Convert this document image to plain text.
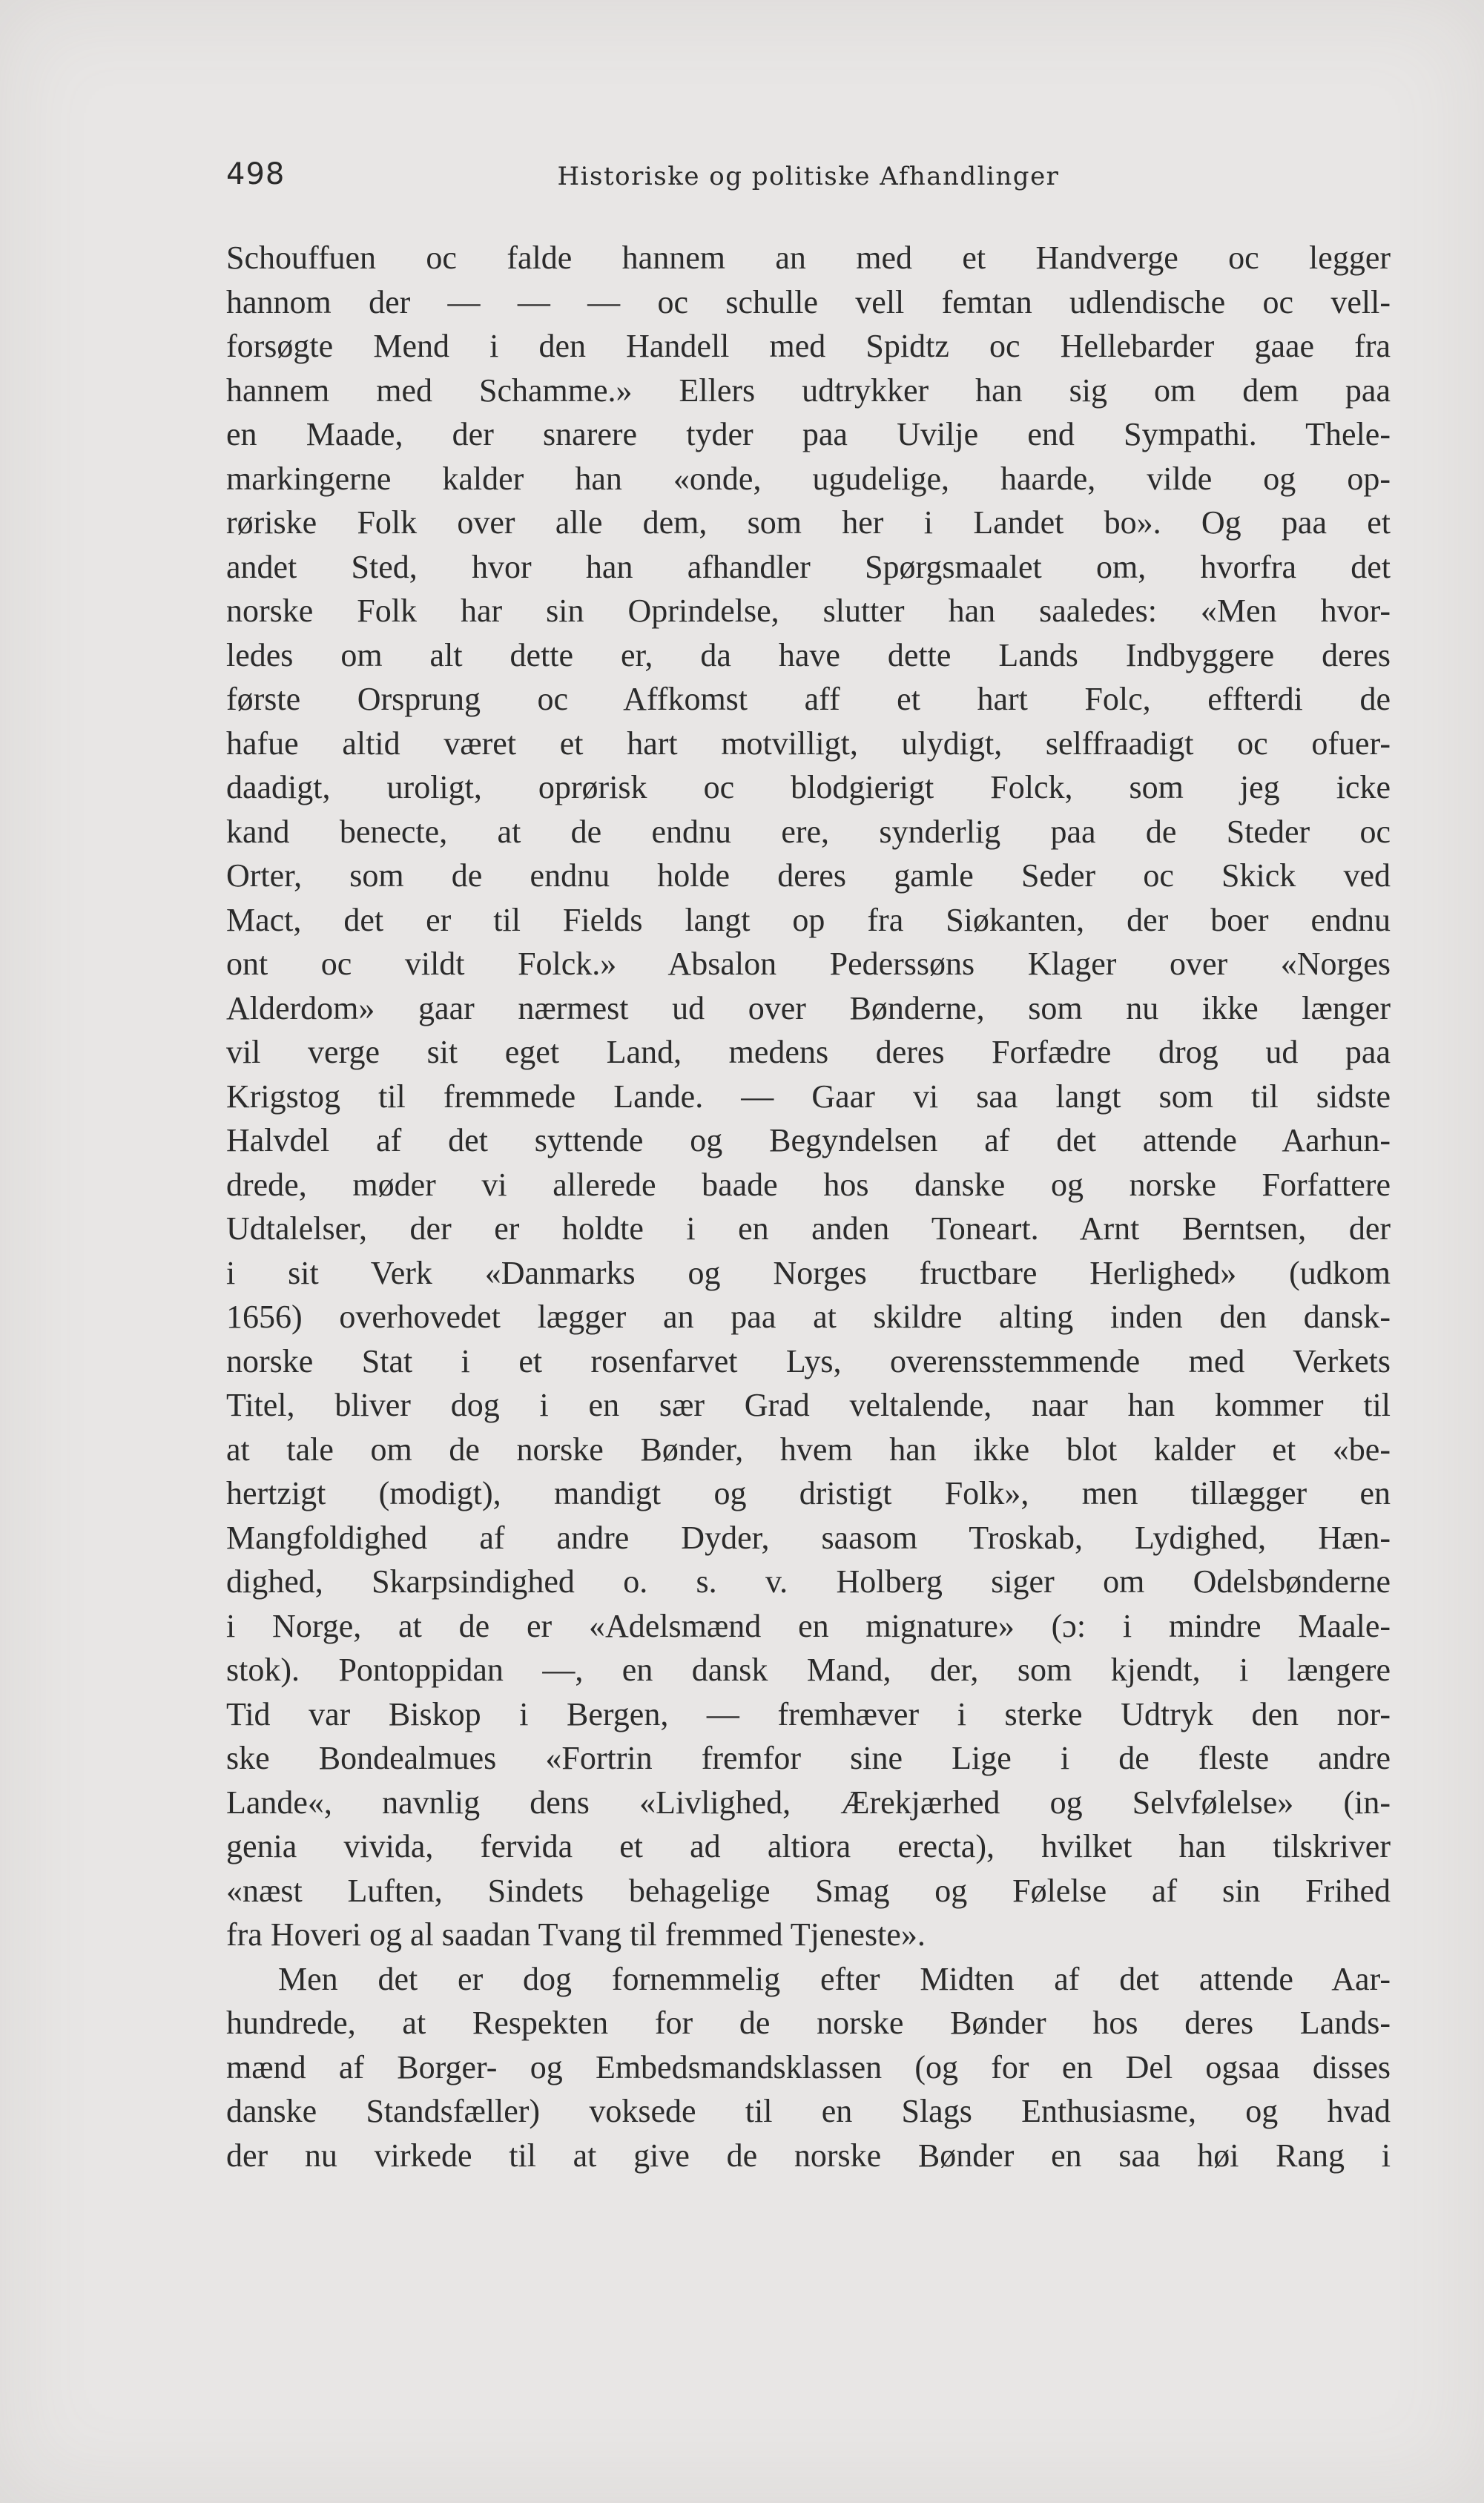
498	Historiske og politiske Afhandlinger
Schouffuen oc falde hannem an med et Handverge oc legger
hannom der — — — oc schulle vell femtan udlendische oc vell-
forsøgte Mend i den Handell med Spidtz oc Hellebarder gaae fra
hannem med Schamme.» Ellers udtrykker han sig om dem paa
en Maade, der snarere tyder paa Uvilje end Sympathi. Thele-
markingerne kalder han «onde, ugudelige, haarde, vilde og op-
røriske Folk over alle dem, som her i Landet bo». Og paa et
andet Sted, hvor han afhandler Spørgsmaalet om, hvorfra det
norske Folk har sin Oprindelse, slutter han saaledes: «Men hvor-
ledes om alt dette er, da have dette Lands Indbyggere deres
første Orsprung oc Affkomst aff et hart Folc, effterdi de
hafue altid været et hart motvilligt, ulydigt, selffraadigt oc ofuer-
daadigt, uroligt, oprørisk oc blodgierigt Folck, som jeg icke
kand benecte, at de endnu ere, synderlig paa de Steder oc
Orter, som de endnu holde deres gamle Seder oc Skick ved
Mact, det er til Fields langt op fra Siøkanten, der boer endnu
ont oc vildt Folck.» Absalon Pederssøns Klager over «Norges
Alderdom» gaar nærmest ud over Bønderne, som nu ikke længer
vil verge sit eget Land, medens deres Forfædre drog ud paa
Krigstog til fremmede Lande. — Gaar vi saa langt som til sidste
Halvdel af det syttende og Begyndelsen af det attende Aarhun-
drede, møder vi allerede baade hos danske og norske Forfattere
Udtalelser, der er holdte i en anden Toneart. Arnt Berntsen, der
i sit Verk «Danmarks og Norges fructbare Herlighed» (udkom
1656) overhovedet lægger an paa at skildre alting inden den dansk-
norske Stat i et rosenfarvet Lys, overensstemmende med Verkets
Titel, bliver dog i en sær Grad veltalende, naar han kommer til
at tale om de norske Bønder, hvem han ikke blot kalder et «be-
hertzigt (modigt), mandigt og dristigt Folk», men tillægger en
Mangfoldighed af andre Dyder, saasom Troskab, Lydighed, Hæn-
dighed, Skarpsindighed o. s. v. Holberg siger om Odelsbønderne
i Norge, at de er «Adelsmænd en mignature» (ɔ: i mindre Maale-
stok). Pontoppidan —, en dansk Mand, der, som kjendt, i længere
Tid var Biskop i Bergen, — fremhæver i sterke Udtryk den nor-
ske Bondealmues «Fortrin fremfor sine Lige i de fleste andre
Lande«, navnlig dens «Livlighed, Ærekjærhed og Selvfølelse» (in-
genia vivida, fervida et ad altiora erecta), hvilket han tilskriver
«næst Luften, Sindets behagelige Smag og Følelse af sin Frihed
fra Hoveri og al saadan Tvang til fremmed Tjeneste».
Men det er dog fornemmelig efter Midten af det attende Aar-
hundrede, at Respekten for de norske Bønder hos deres Lands-
mænd af Borger- og Embedsmandsklassen (og for en Del ogsaa disses
danske Standsfæller) voksede til en Slags Enthusiasme, og hvad
der nu virkede til at give de norske Bønder en saa høi Rang i
